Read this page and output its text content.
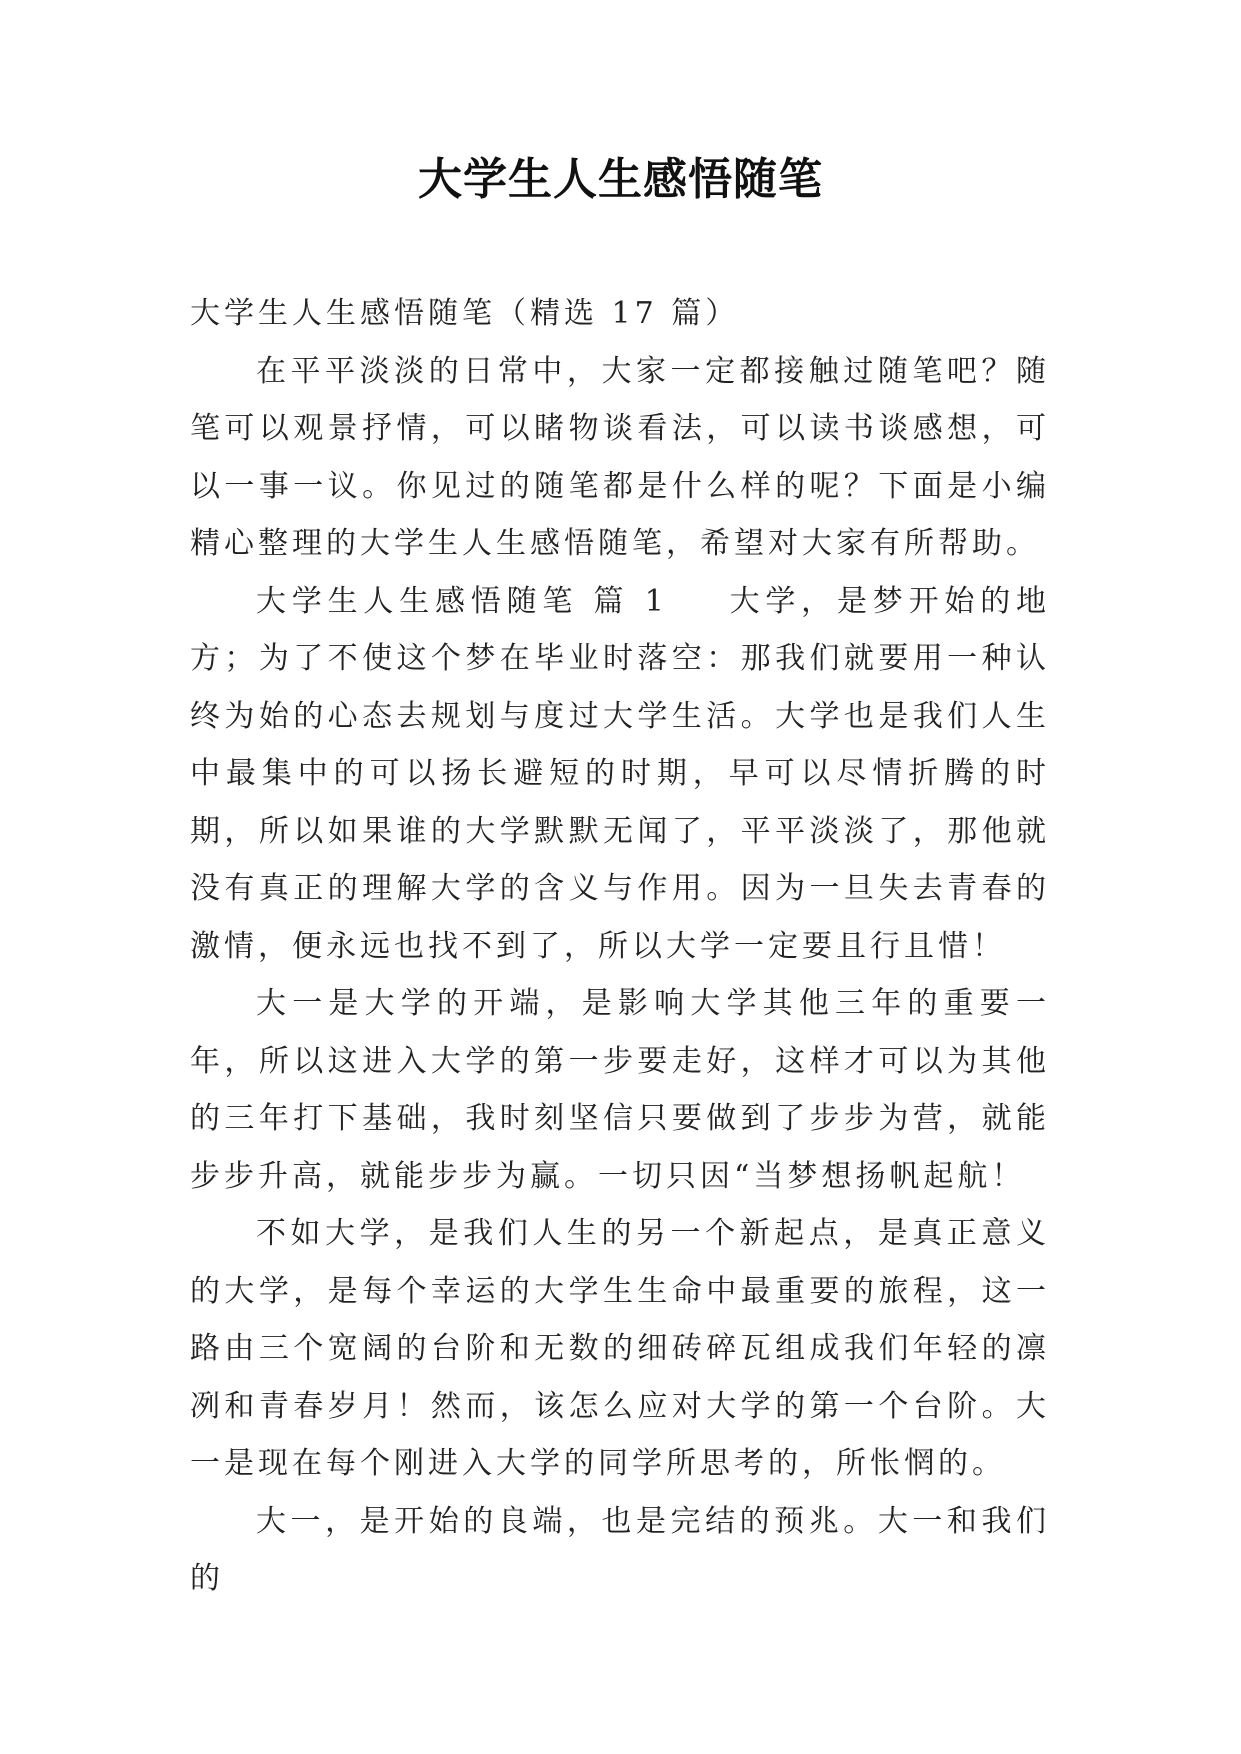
大学生人生感悟随笔

大学生人生感悟随笔（精选 17 篇）

在平平淡淡的日常中，大家一定都接触过随笔吧？随笔可以观景抒情，可以睹物谈看法，可以读书谈感想，可以一事一议。你见过的随笔都是什么样的呢？下面是小编精心整理的大学生人生感悟随笔，希望对大家有所帮助。

大学生人生感悟随笔 篇 1 大学，是梦开始的地方；为了不使这个梦在毕业时落空：那我们就要用一种认终为始的心态去规划与度过大学生活。大学也是我们人生中最集中的可以扬长避短的时期，早可以尽情折腾的时期，所以如果谁的大学默默无闻了，平平淡淡了，那他就没有真正的理解大学的含义与作用。因为一旦失去青春的激情，便永远也找不到了，所以大学一定要且行且惜！

大一是大学的开端，是影响大学其他三年的重要一年，所以这进入大学的第一步要走好，这样才可以为其他的三年打下基础，我时刻坚信只要做到了步步为营，就能步步升高，就能步步为赢。一切只因“当梦想扬帆起航！

不如大学，是我们人生的另一个新起点，是真正意义的大学，是每个幸运的大学生生命中最重要的旅程，这一路由三个宽阔的台阶和无数的细砖碎瓦组成我们年轻的凛冽和青春岁月！然而，该怎么应对大学的第一个台阶。大一是现在每个刚进入大学的同学所思考的，所怅惘的。

大一，是开始的良端，也是完结的预兆。大一和我们的
